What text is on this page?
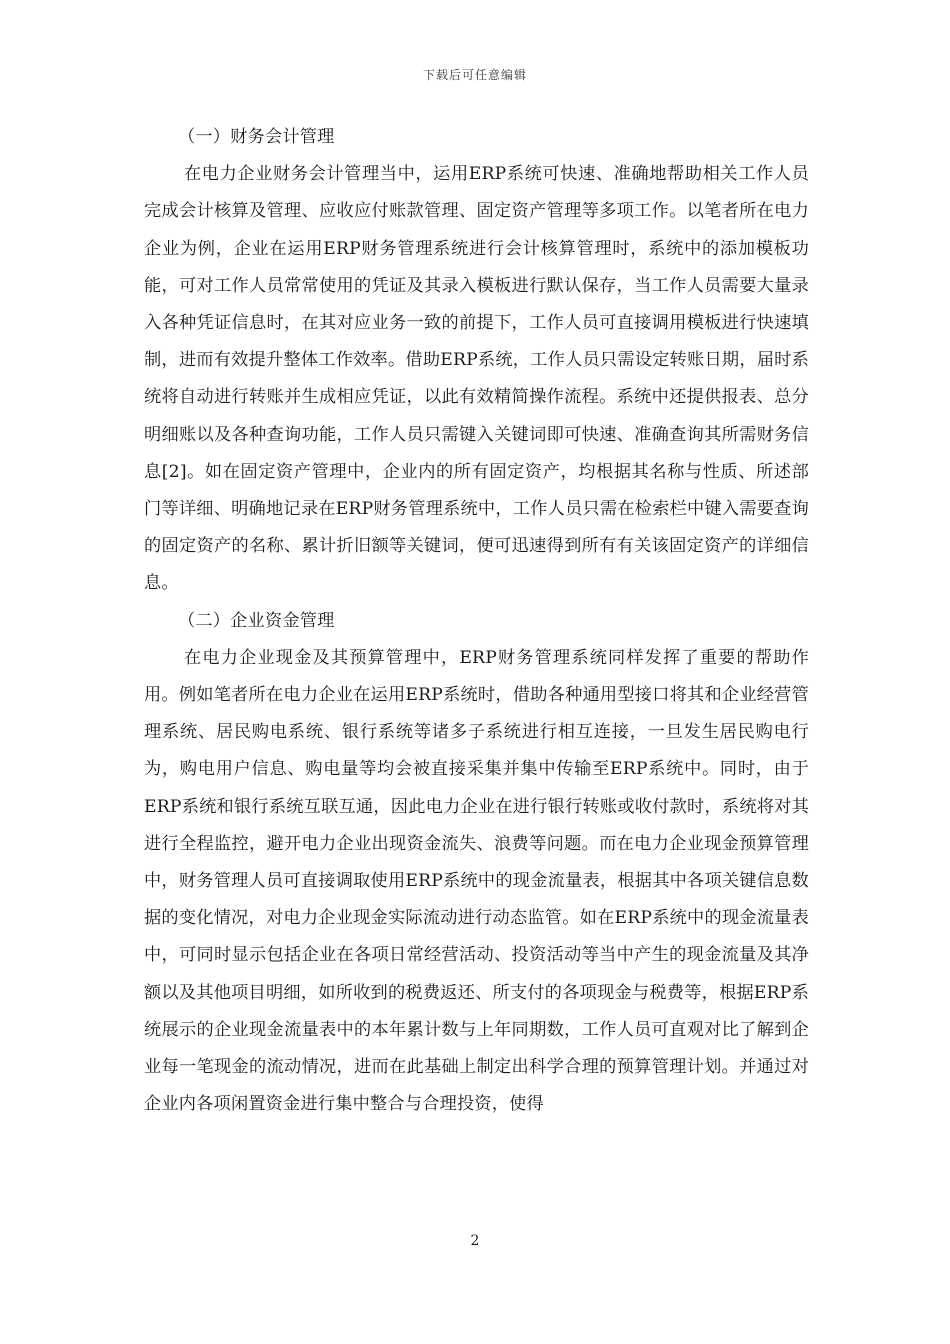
下载后可任意编辑

（一）财务会计管理

在电力企业财务会计管理当中，运用ERP系统可快速、准确地帮助相关工作人员完成会计核算及管理、应收应付账款管理、固定资产管理等多项工作。以笔者所在电力企业为例，企业在运用ERP财务管理系统进行会计核算管理时，系统中的添加模板功能，可对工作人员常常使用的凭证及其录入模板进行默认保存，当工作人员需要大量录入各种凭证信息时，在其对应业务一致的前提下，工作人员可直接调用模板进行快速填制，进而有效提升整体工作效率。借助ERP系统，工作人员只需设定转账日期，届时系统将自动进行转账并生成相应凭证，以此有效精简操作流程。系统中还提供报表、总分明细账以及各种查询功能，工作人员只需键入关键词即可快速、准确查询其所需财务信息[2]。如在固定资产管理中，企业内的所有固定资产，均根据其名称与性质、所述部门等详细、明确地记录在ERP财务管理系统中，工作人员只需在检索栏中键入需要查询的固定资产的名称、累计折旧额等关键词，便可迅速得到所有有关该固定资产的详细信息。

（二）企业资金管理

在电力企业现金及其预算管理中，ERP财务管理系统同样发挥了重要的帮助作用。例如笔者所在电力企业在运用ERP系统时，借助各种通用型接口将其和企业经营管理系统、居民购电系统、银行系统等诸多子系统进行相互连接，一旦发生居民购电行为，购电用户信息、购电量等均会被直接采集并集中传输至ERP系统中。同时，由于ERP系统和银行系统互联互通，因此电力企业在进行银行转账或收付款时，系统将对其进行全程监控，避开电力企业出现资金流失、浪费等问题。而在电力企业现金预算管理中，财务管理人员可直接调取使用ERP系统中的现金流量表，根据其中各项关键信息数据的变化情况，对电力企业现金实际流动进行动态监管。如在ERP系统中的现金流量表中，可同时显示包括企业在各项日常经营活动、投资活动等当中产生的现金流量及其净额以及其他项目明细，如所收到的税费返还、所支付的各项现金与税费等，根据ERP系统展示的企业现金流量表中的本年累计数与上年同期数，工作人员可直观对比了解到企业每一笔现金的流动情况，进而在此基础上制定出科学合理的预算管理计划。并通过对企业内各项闲置资金进行集中整合与合理投资，使得

2
